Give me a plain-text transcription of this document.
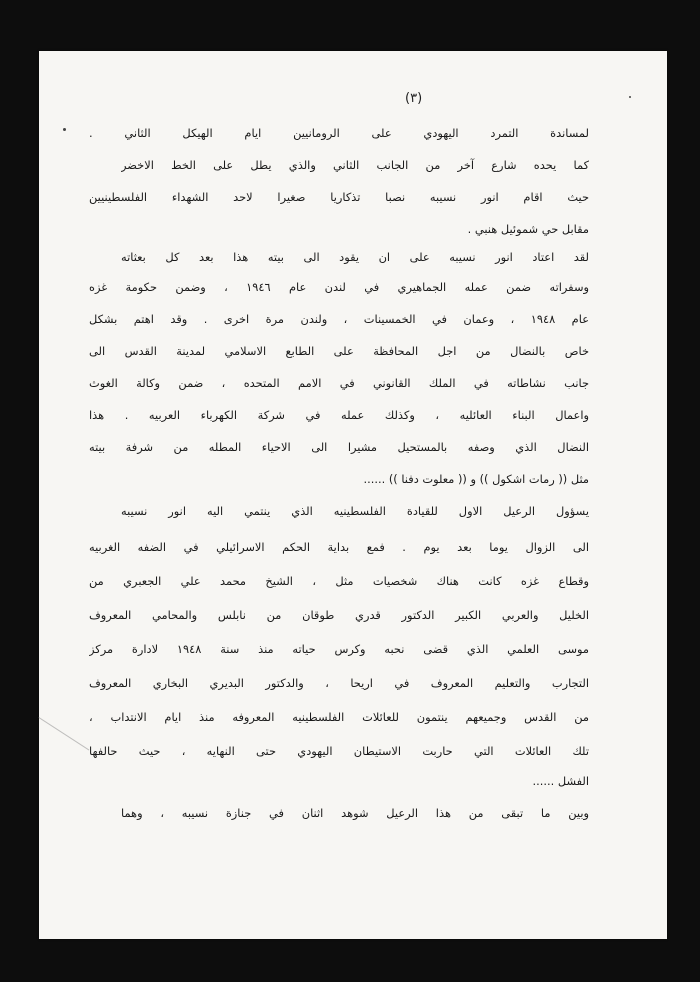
(٣)
لمساندة التمرد اليهودي على الرومانيين ايام الهيكل الثاني .
كما يحده شارع آخر من الجانب الثاني والذي يطل على الخط الاخضر
حيث اقام انور نسيبه نصبا تذكاريا صغيرا لاحد الشهداء الفلسطينيين
مقابل حي شموئيل هنبي .
لقد اعتاد انور نسيبه على ان يقود الى بيته هذا بعد كل بعثاته
وسفراته ضمن عمله الجماهيري في لندن عام ١٩٤٦ ، وضمن حكومة غزه
عام ١٩٤٨ ، وعمان في الخمسينات ، ولندن مرة اخرى . وقد اهتم بشكل
خاص بالنضال من اجل المحافظة على الطابع الاسلامي لمدينة القدس الى
جانب نشاطاته في الملك القانوني في الامم المتحده ، ضمن وكالة الغوث
واعمال البناء العائليه ، وكذلك عمله في شركة الكهرباء العربيه . هذا
النضال الذي وصفه بالمستحيل مشيرا الى الاحياء المطله من شرفة بيته
مثل (( رمات اشكول )) و (( معلوت دفنا )) ......
يسؤول الرعيل الاول للقيادة الفلسطينيه الذي ينتمي اليه انور نسيبه
الى الزوال يوما بعد يوم . فمع بداية الحكم الاسرائيلي في الضفه الغربيه
وقطاع غزه كانت هناك شخصيات مثل ، الشيخ محمد علي الجعبري من
الخليل والعربي الكبير الدكتور قدري طوقان من نابلس والمحامي المعروف
موسى العلمي الذي قضى نحبه وكرس حياته منذ سنة ١٩٤٨ لادارة مركز
التجارب والتعليم المعروف في اريحا ، والدكتور البديري البخاري المعروف
من القدس وجميعهم ينتمون للعائلات الفلسطينيه المعروفه منذ ايام الانتداب ،
تلك العائلات التي حاربت الاستيطان اليهودي حتى النهايه ، حيث حالفها
الفشل ......
وبين ما تبقى من هذا الرعيل شوهد اثنان في جنازة نسيبه ، وهما
